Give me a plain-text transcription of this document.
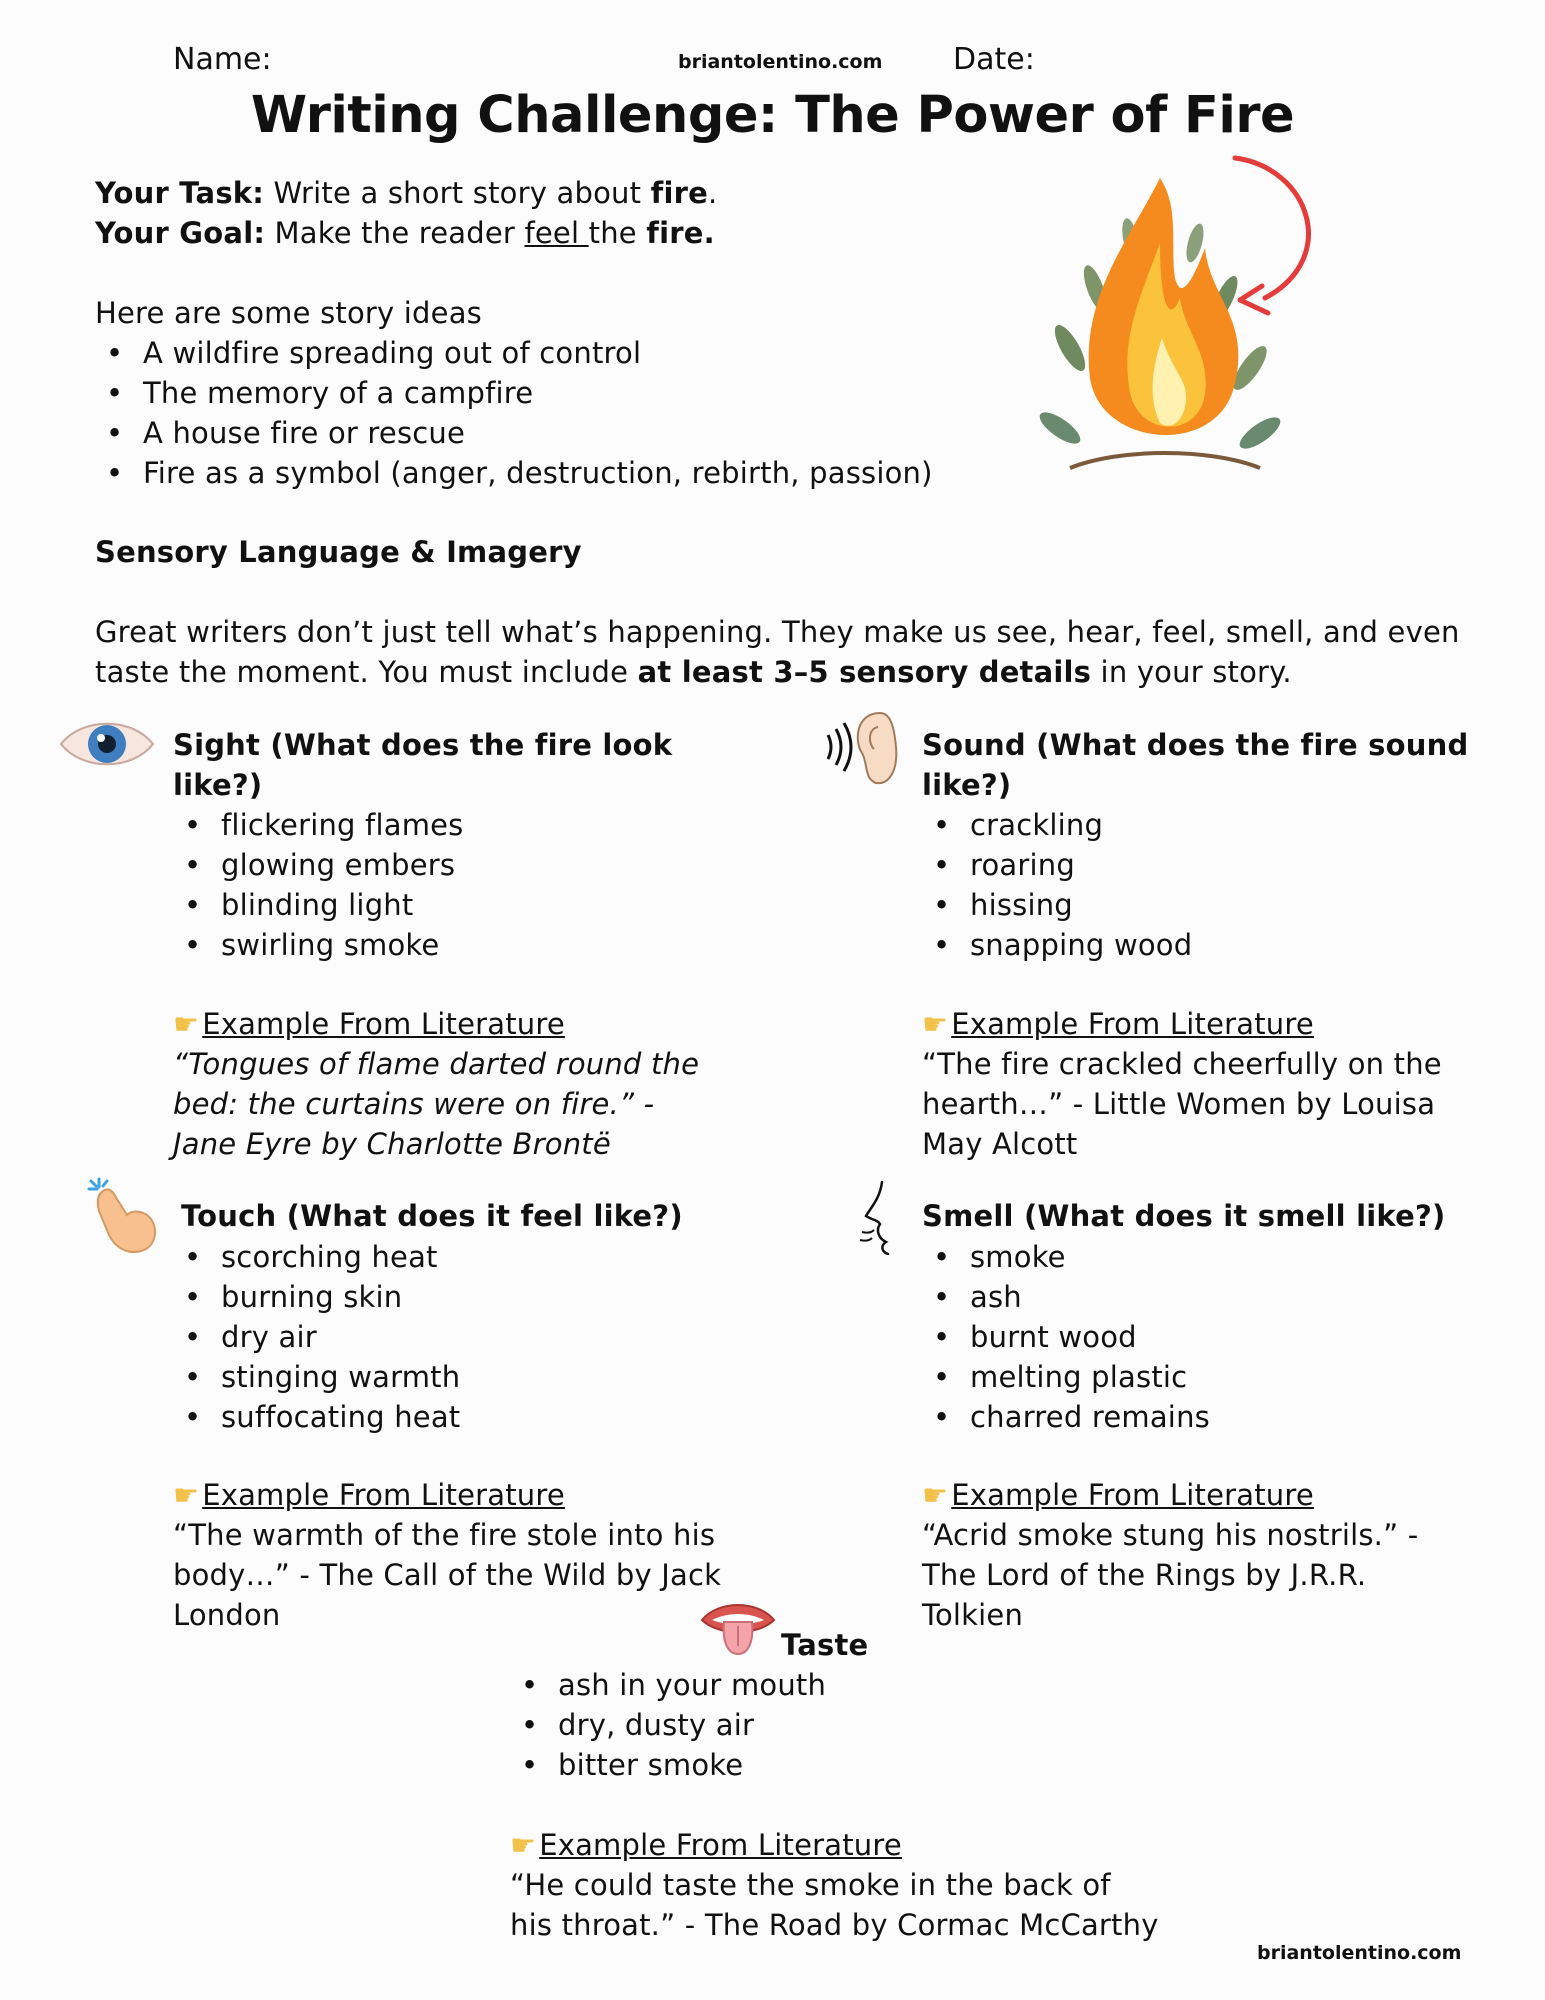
Name:	briantolentino.com Date:
Writing Challenge: The Power of Fire
Your Task: Write a short story about fire.
Your Goal: Make the reader feel the fire.
Here are some story ideas
• A wildfire spreading out of control
• The memory of a campfire
• A house fire or rescue
• Fire as a symbol (anger, destruction, rebirth, passion)
Sensory Language & Imagery
Great writers don’t just tell what’s happening. They make us see, hear, feel, smell, and even
taste the moment. You must include at least 3–5 sensory details in your story.
Sight (What does the fire look
like?)
• flickering flames
• glowing embers
• blinding light
• swirling smoke
☛ Example From Literature
“Tongues of flame darted round the
bed: the curtains were on fire.” -
Jane Eyre by Charlotte Brontë
Sound (What does the fire sound
like?)
• crackling
• roaring
• hissing
• snapping wood
☛ Example From Literature
“The fire crackled cheerfully on the
hearth…” - Little Women by Louisa
May Alcott
Touch (What does it feel like?)
• scorching heat
• burning skin
• dry air
• stinging warmth
• suffocating heat
☛ Example From Literature
“The warmth of the fire stole into his
body…” - The Call of the Wild by Jack
London
Smell (What does it smell like?)
• smoke
• ash
• burnt wood
• melting plastic
• charred remains
☛ Example From Literature
“Acrid smoke stung his nostrils.” -
The Lord of the Rings by J.R.R.
Tolkien
Taste
• ash in your mouth
• dry, dusty air
• bitter smoke
☛ Example From Literature
“He could taste the smoke in the back of
his throat.” - The Road by Cormac McCarthy
briantolentino.com
